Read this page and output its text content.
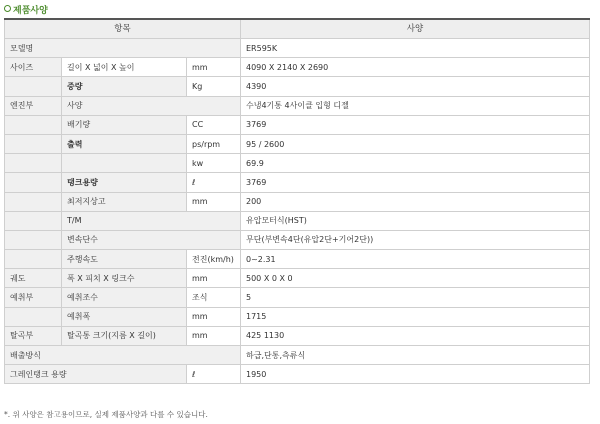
제품사양
항목			사양
모델명			ER595K
사이즈	길이 X 넓이 X 높이	mm	4090 X 2140 X 2690
	중량	Kg	4390
엔진부	사양		수냉4기통 4사이클 입형 디젤
	배기량	CC	3769
	출력	ps/rpm	95 / 2600
		kw	69.9
	탱크용량	ℓ	3769
	최저지상고	mm	200
	T/M		유압모터식(HST)
	변속단수		무단(부변속4단(유압2단+기어2단))
	주행속도	전진(km/h)	0~2.31
궤도	폭 X 피치 X 링크수	mm	500 X 0 X 0
예취부	예취조수	조식	5
	예취폭	mm	1715
탈곡부	탈곡통 크기(지름 X 길이)	mm	425 1130
배출방식			하급,단통,측류식
그레인탱크 용량		ℓ	1950
*. 위 사양은 참고용이므로, 실제 제품사양과 다를 수 있습니다.
